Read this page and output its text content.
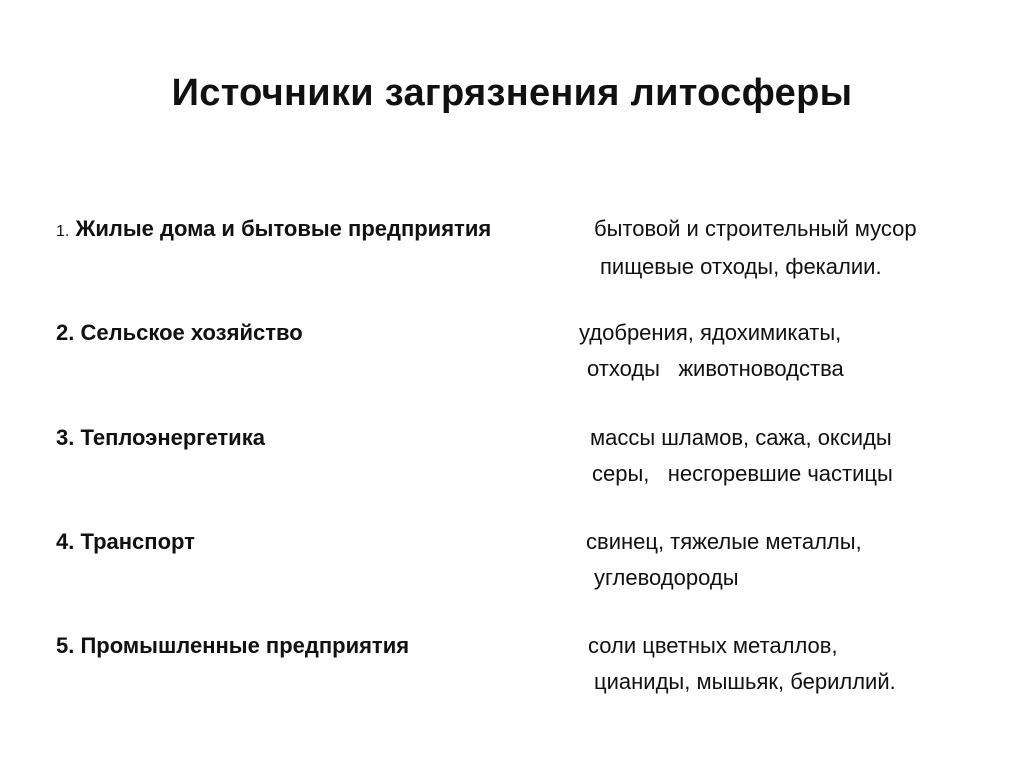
Источники загрязнения литосферы
1. Жилые дома и бытовые предприятия	бытовой и строительный мусор
пищевые отходы, фекалии.
2. Сельское хозяйство	удобрения, ядохимикаты,
отходы   животноводства
3. Теплоэнергетика	массы шламов, сажа, оксиды
серы,   несгоревшие частицы
4. Транспорт	свинец, тяжелые металлы,
углеводороды
5. Промышленные предприятия	соли цветных металлов,
цианиды, мышьяк, бериллий.
